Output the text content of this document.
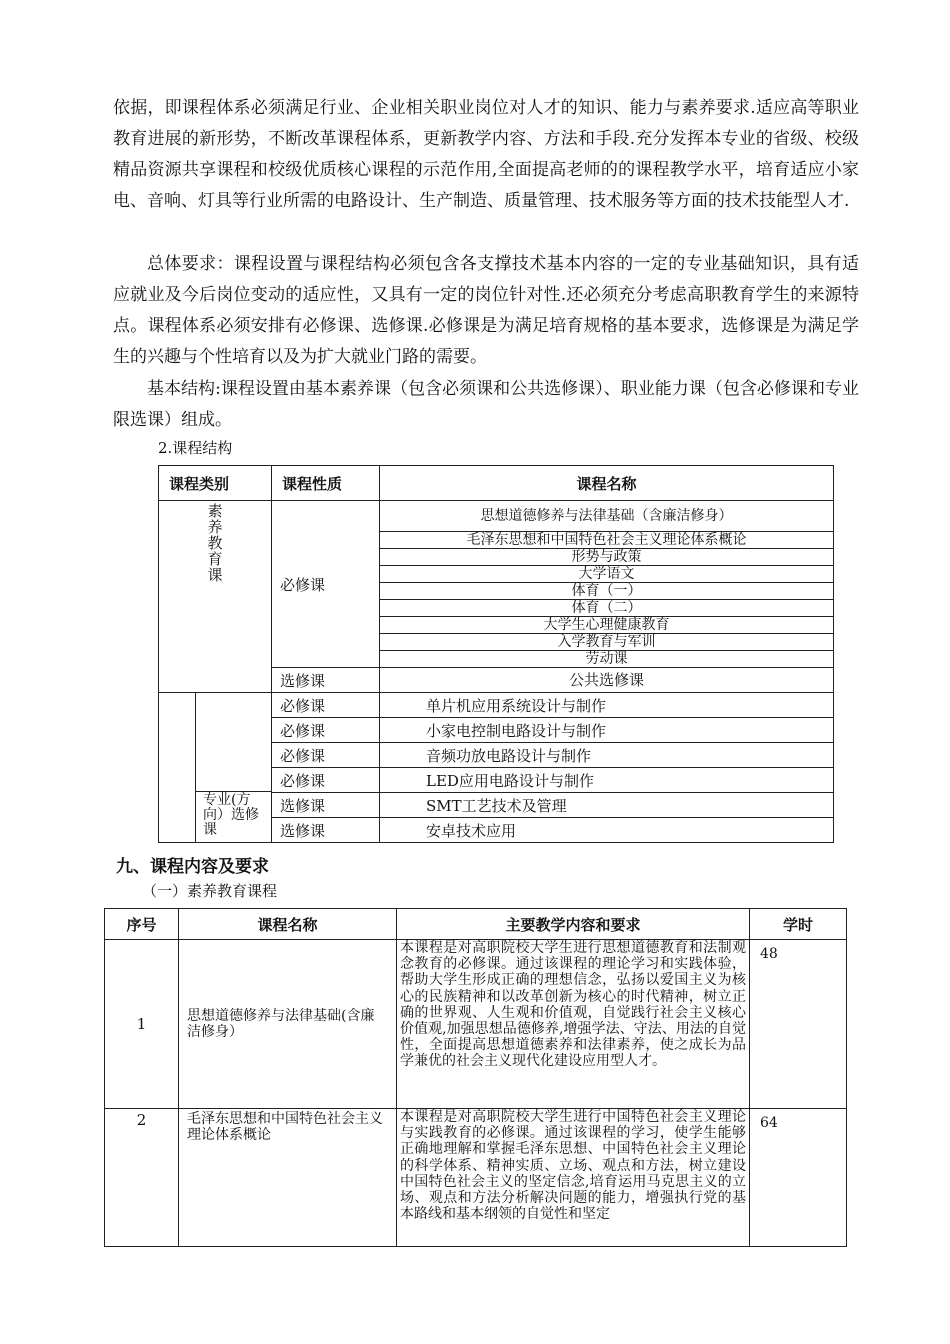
依据，即课程体系必须满足行业、企业相关职业岗位对人才的知识、能力与素养要求.适应高等职业教育进展的新形势，不断改革课程体系，更新教学内容、方法和手段.充分发挥本专业的省级、校级精品资源共享课程和校级优质核心课程的示范作用,全面提高老师的的课程教学水平，培育适应小家电、音响、灯具等行业所需的电路设计、生产制造、质量管理、技术服务等方面的技术技能型人才.

总体要求：课程设置与课程结构必须包含各支撑技术基本内容的一定的专业基础知识，具有适应就业及今后岗位变动的适应性，又具有一定的岗位针对性.还必须充分考虑高职教育学生的来源特点。课程体系必须安排有必修课、选修课.必修课是为满足培育规格的基本要求，选修课是为满足学生的兴趣与个性培育以及为扩大就业门路的需要。

基本结构:课程设置由基本素养课（包含必须课和公共选修课）、职业能力课（包含必修课和专业限选课）组成。

2.课程结构

课程类别	课程性质	课程名称

素
养
教
育
课	必修课	思想道德修养与法律基础（含廉洁修身）
		毛泽东思想和中国特色社会主义理论体系概论
		形势与政策
		大学语文
		体育（一）
		体育（二）
		大学生心理健康教育
		入学教育与军训
		劳动课
	选修课	公共选修课

专业(方向）选修课	必修课	单片机应用系统设计与制作
	必修课	小家电控制电路设计与制作
	必修课	音频功放电路设计与制作
	必修课	LED应用电路设计与制作
	选修课	SMT工艺技术及管理
	选修课	安卓技术应用

九、课程内容及要求

（一）素养教育课程

序号	课程名称	主要教学内容和要求	学时
1	思想道德修养与法律基础(含廉洁修身）	本课程是对高职院校大学生进行思想道德教育和法制观念教育的必修课。通过该课程的理论学习和实践体验，帮助大学生形成正确的理想信念，弘扬以爱国主义为核心的民族精神和以改革创新为核心的时代精神，树立正确的世界观、人生观和价值观，自觉践行社会主义核心价值观,加强思想品德修养,增强学法、守法、用法的自觉性，全面提高思想道德素养和法律素养，使之成长为品学兼优的社会主义现代化建设应用型人才。	48
2	毛泽东思想和中国特色社会主义理论体系概论	本课程是对高职院校大学生进行中国特色社会主义理论与实践教育的必修课。通过该课程的学习，使学生能够正确地理解和掌握毛泽东思想、中国特色社会主义理论的科学体系、精神实质、立场、观点和方法，树立建设中国特色社会主义的坚定信念,培育运用马克思主义的立场、观点和方法分析解决问题的能力，增强执行党的基本路线和基本纲领的自觉性和坚定	64
